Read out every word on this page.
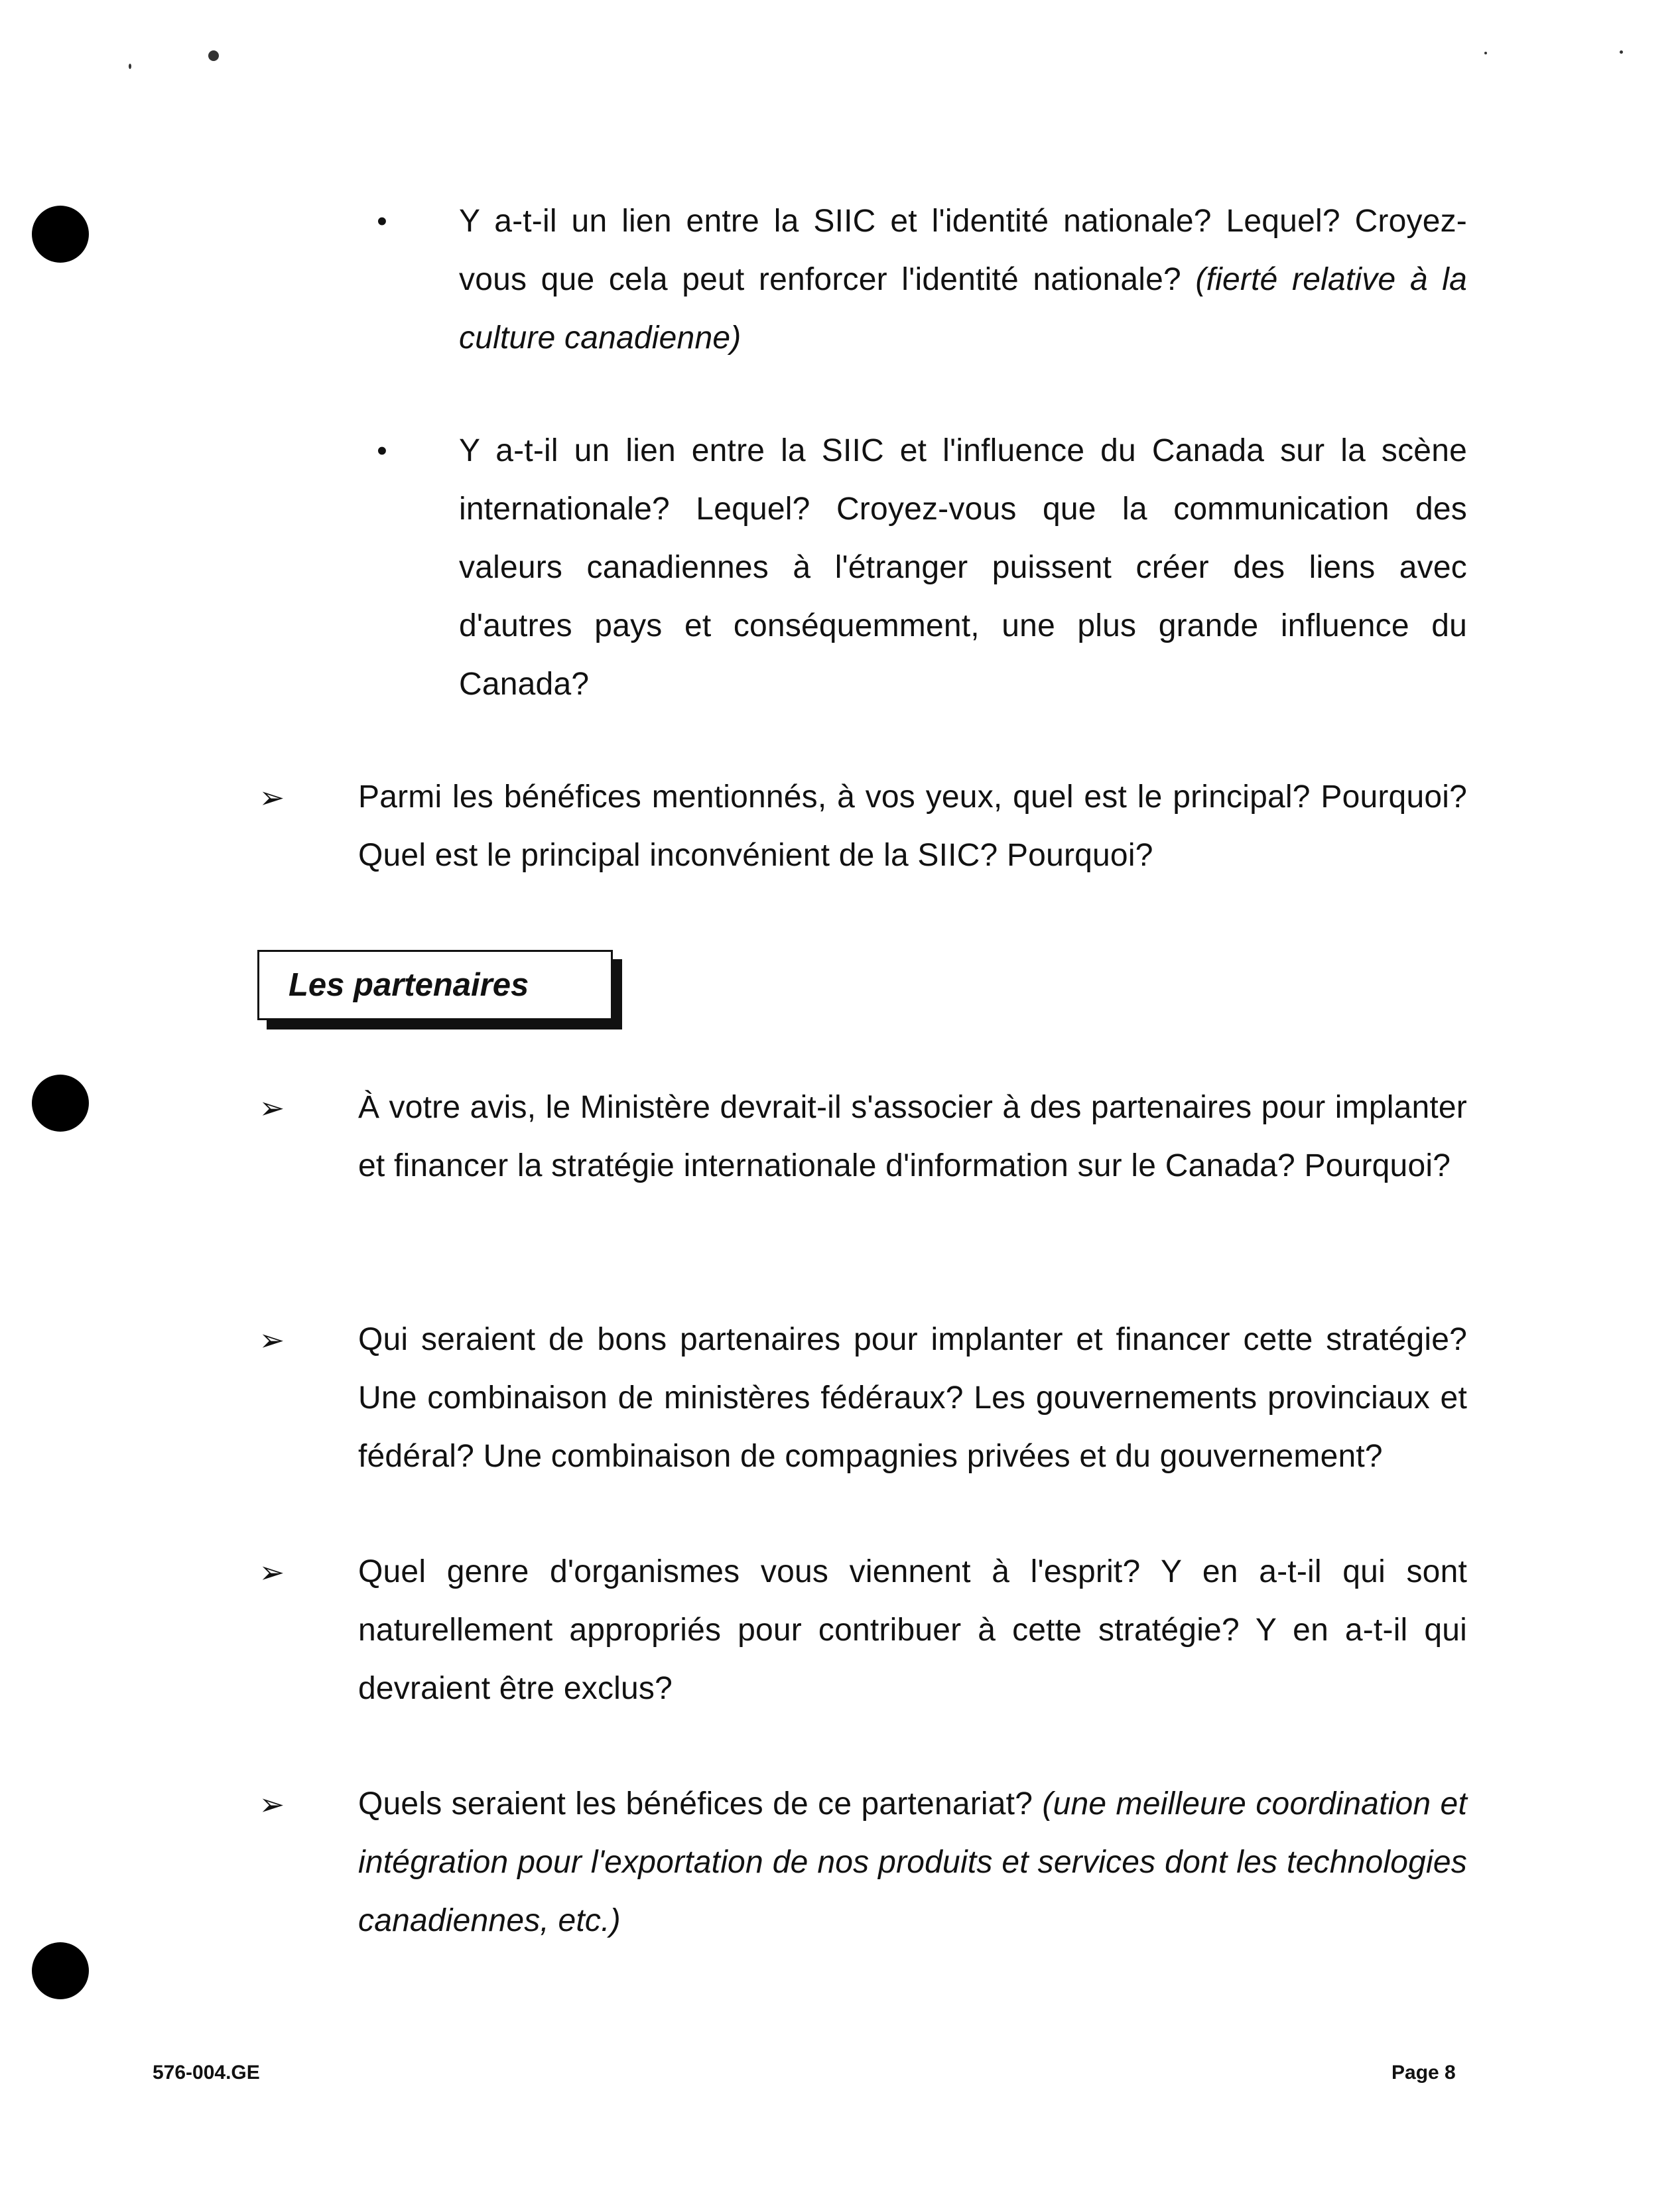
•	Y a-t-il un lien entre la SIIC et l'identité nationale? Lequel? Croyez-vous que cela peut renforcer l'identité nationale? (fierté relative à la culture canadienne)
•	Y a-t-il un lien entre la SIIC et l'influence du Canada sur la scène internationale? Lequel? Croyez-vous que la communication des valeurs canadiennes à l'étranger puissent créer des liens avec d'autres pays et conséquemment, une plus grande influence du Canada?
➢ Parmi les bénéfices mentionnés, à vos yeux, quel est le principal? Pourquoi? Quel est le principal inconvénient de la SIIC? Pourquoi?
Les partenaires
➢ À votre avis, le Ministère devrait-il s'associer à des partenaires pour implanter et financer la stratégie internationale d'information sur le Canada? Pourquoi?
➢ Qui seraient de bons partenaires pour implanter et financer cette stratégie? Une combinaison de ministères fédéraux? Les gouvernements provinciaux et fédéral? Une combinaison de compagnies privées et du gouvernement?
➢ Quel genre d'organismes vous viennent à l'esprit? Y en a-t-il qui sont naturellement appropriés pour contribuer à cette stratégie? Y en a-t-il qui devraient être exclus?
➢ Quels seraient les bénéfices de ce partenariat? (une meilleure coordination et intégration pour l'exportation de nos produits et services dont les technologies canadiennes, etc.)
576-004.GE	Page 8
